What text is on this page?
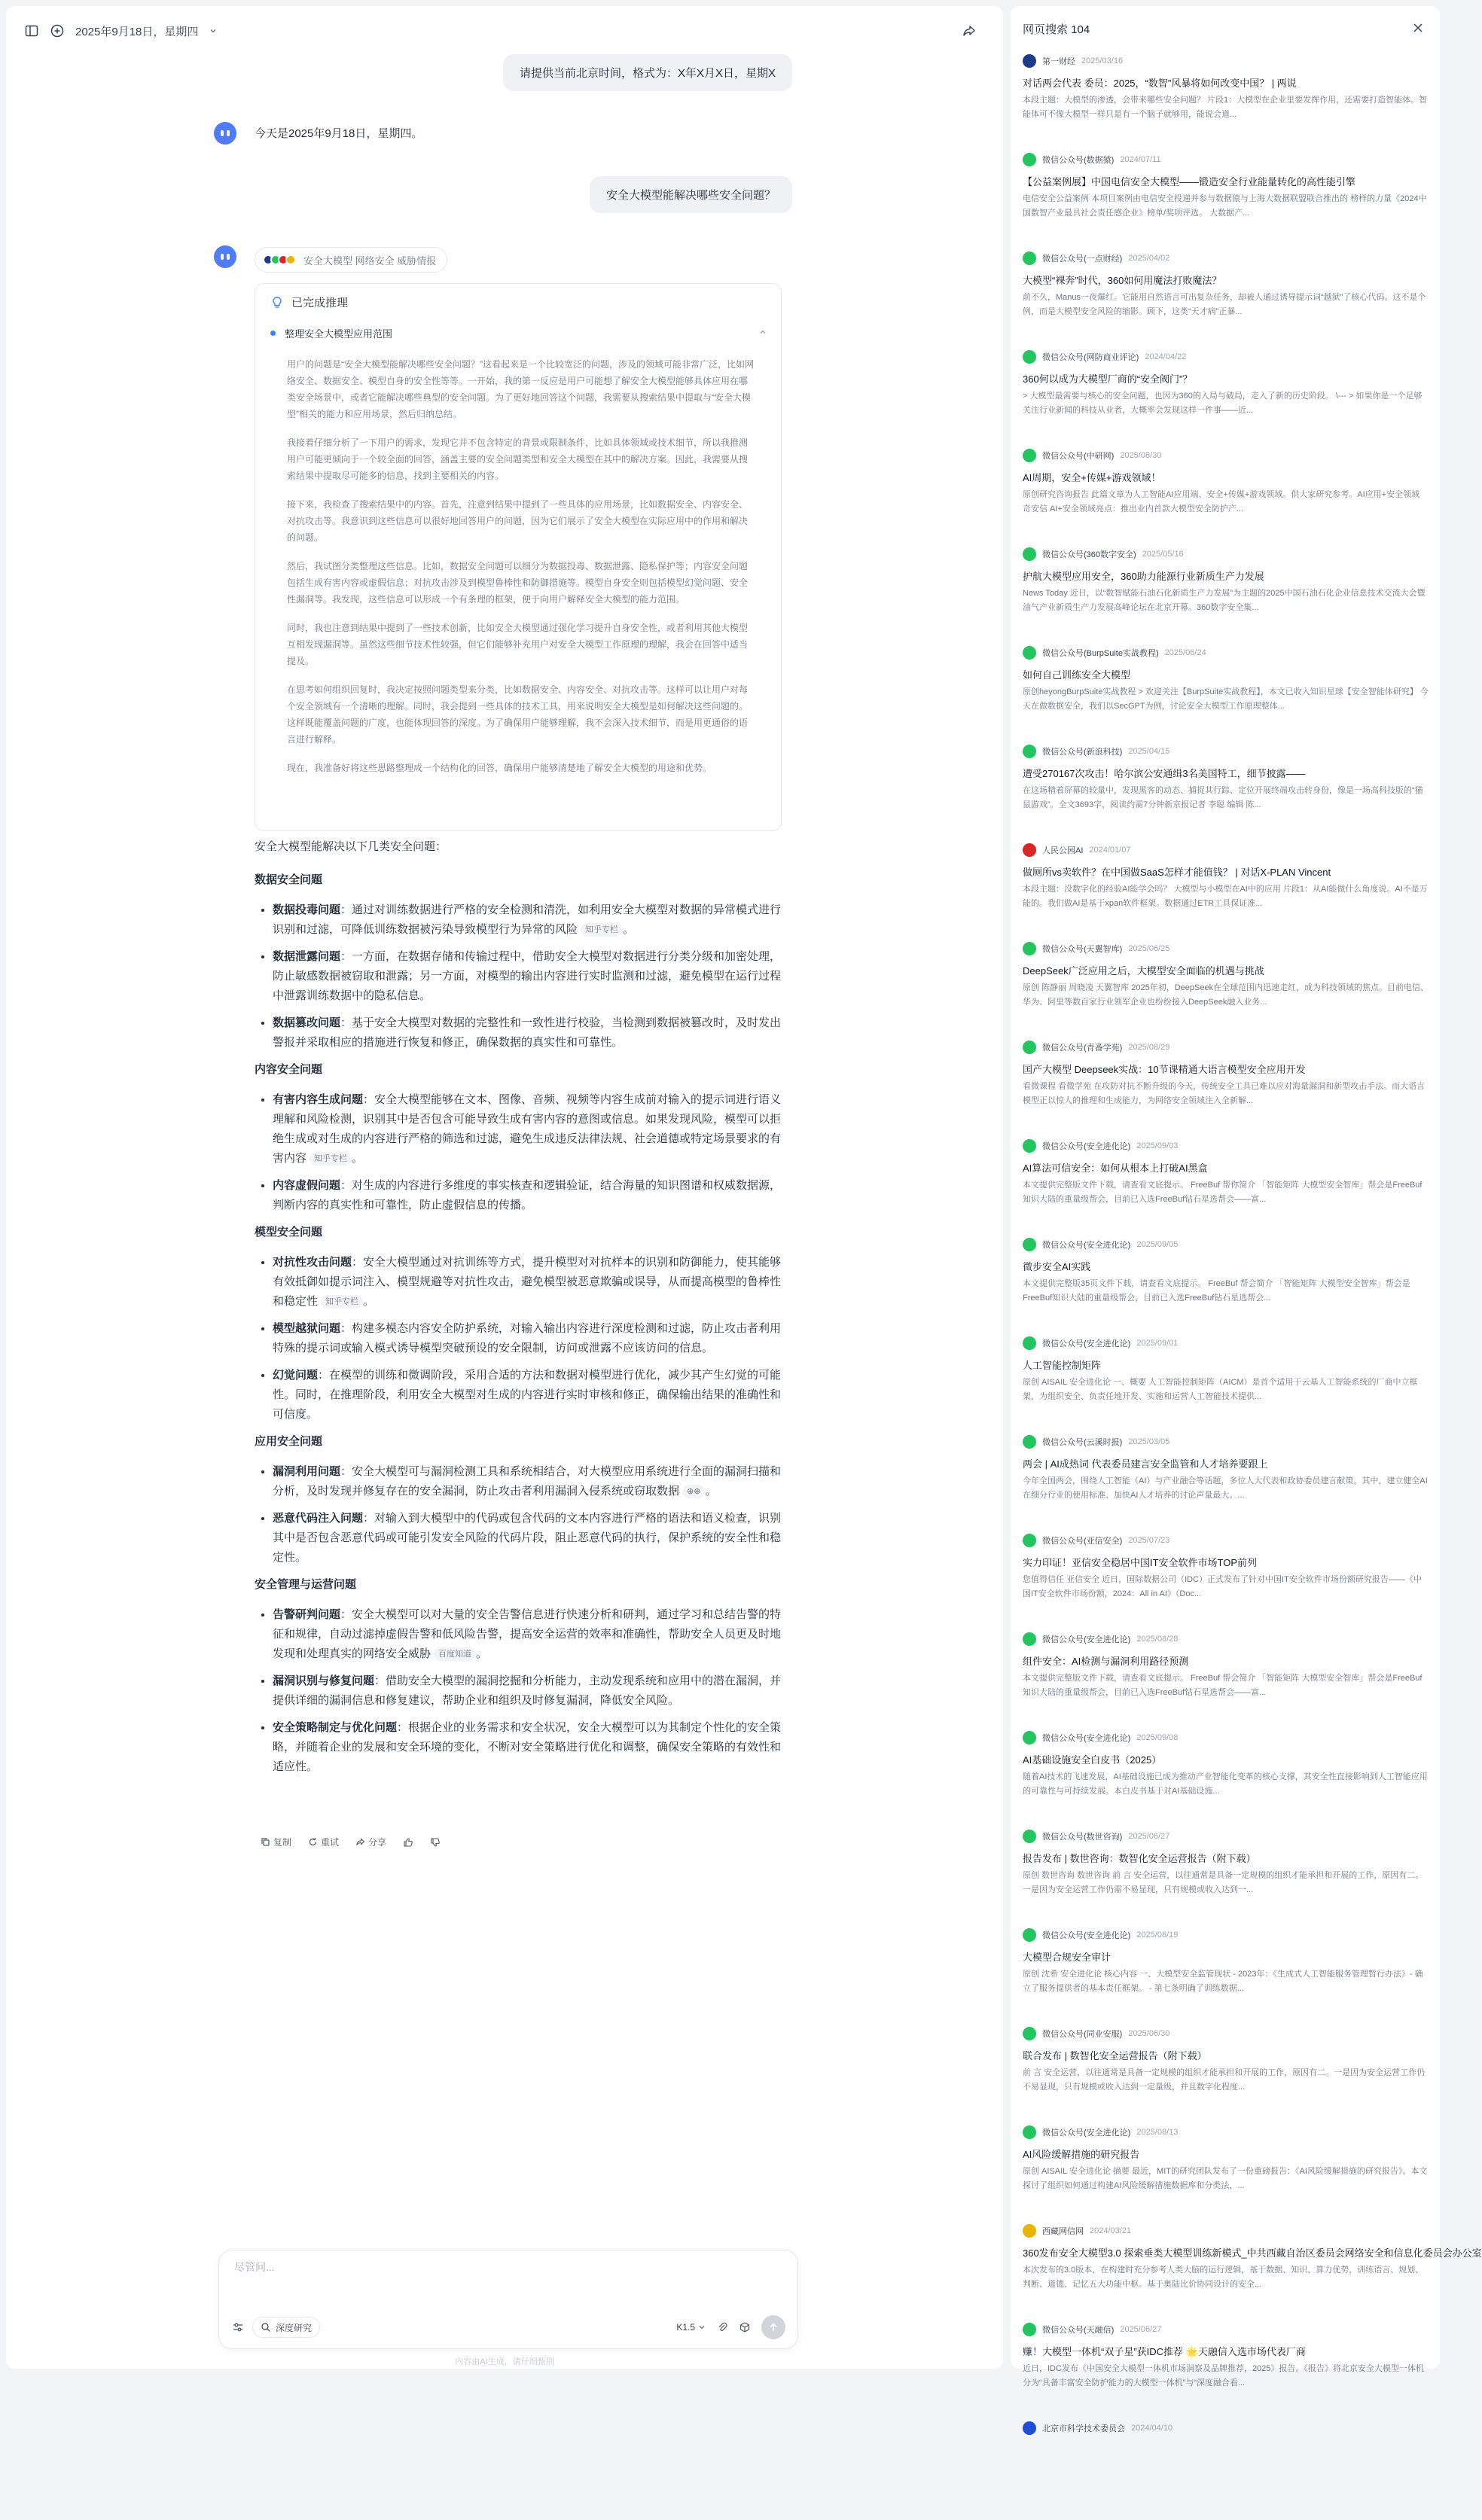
2025年9月18日，星期四
请提供当前北京时间，格式为：X年X月X日，星期X
今天是2025年9月18日，星期四。
安全大模型能解决哪些安全问题？
安全大模型 网络安全 威胁情报
已完成推理
整理安全大模型应用范围

用户的问题是“安全大模型能解决哪些安全问题？”这看起来是一个比较宽泛的问题，涉及的领域可能非常广泛，比如网络安全、数据安全、模型自身的安全性等等。一开始，我的第一反应是用户可能想了解安全大模型能够具体应用在哪类安全场景中，或者它能解决哪些典型的安全问题。为了更好地回答这个问题，我需要从搜索结果中提取与“安全大模型”相关的能力和应用场景，然后归纳总结。

我接着仔细分析了一下用户的需求，发现它并不包含特定的背景或限制条件，比如具体领域或技术细节，所以我推测用户可能更倾向于一个较全面的回答，涵盖主要的安全问题类型和安全大模型在其中的解决方案。因此，我需要从搜索结果中提取尽可能多的信息，找到主要相关的内容。

接下来，我检查了搜索结果中的内容。首先，注意到结果中提到了一些具体的应用场景，比如数据安全、内容安全、对抗攻击等。我意识到这些信息可以很好地回答用户的问题，因为它们展示了安全大模型在实际应用中的作用和解决的问题。

然后，我试图分类整理这些信息。比如，数据安全问题可以细分为数据投毒、数据泄露、隐私保护等；内容安全问题包括生成有害内容或虚假信息；对抗攻击涉及到模型鲁棒性和防御措施等。模型自身安全则包括模型幻觉问题、安全性漏洞等。我发现，这些信息可以形成一个有条理的框架，便于向用户解释安全大模型的能力范围。

同时，我也注意到结果中提到了一些技术创新，比如安全大模型通过强化学习提升自身安全性，或者利用其他大模型互相发现漏洞等。虽然这些细节技术性较强，但它们能够补充用户对安全大模型工作原理的理解，我会在回答中适当提及。

在思考如何组织回复时，我决定按照问题类型来分类，比如数据安全、内容安全、对抗攻击等。这样可以让用户对每个安全领域有一个清晰的理解。同时，我会提到一些具体的技术工具，用来说明安全大模型是如何解决这些问题的。这样既能覆盖问题的广度，也能体现回答的深度。为了确保用户能够理解，我不会深入技术细节，而是用更通俗的语言进行解释。

现在，我准备好将这些思路整理成一个结构化的回答，确保用户能够清楚地了解安全大模型的用途和优势。

安全大模型能解决以下几类安全问题：
数据安全问题
• 数据投毒问题：通过对训练数据进行严格的安全检测和清洗，如利用安全大模型对数据的异常模式进行识别和过滤，可降低训练数据被污染导致模型行为异常的风险 知乎专栏 。
• 数据泄露问题：一方面，在数据存储和传输过程中，借助安全大模型对数据进行分类分级和加密处理，防止敏感数据被窃取和泄露；另一方面，对模型的输出内容进行实时监测和过滤，避免模型在运行过程中泄露训练数据中的隐私信息。
• 数据篡改问题：基于安全大模型对数据的完整性和一致性进行校验，当检测到数据被篡改时，及时发出警报并采取相应的措施进行恢复和修正，确保数据的真实性和可靠性。
内容安全问题
• 有害内容生成问题：安全大模型能够在文本、图像、音频、视频等内容生成前对输入的提示词进行语义理解和风险检测，识别其中是否包含可能导致生成有害内容的意图或信息。如果发现风险，模型可以拒绝生成或对生成的内容进行严格的筛选和过滤，避免生成违反法律法规、社会道德或特定场景要求的有害内容 知乎专栏 。
• 内容虚假问题：对生成的内容进行多维度的事实核查和逻辑验证，结合海量的知识图谱和权威数据源，判断内容的真实性和可靠性，防止虚假信息的传播。
模型安全问题
• 对抗性攻击问题：安全大模型通过对抗训练等方式，提升模型对对抗样本的识别和防御能力，使其能够有效抵御如提示词注入、模型规避等对抗性攻击，避免模型被恶意欺骗或误导，从而提高模型的鲁棒性和稳定性 知乎专栏 。
• 模型越狱问题：构建多模态内容安全防护系统，对输入输出内容进行深度检测和过滤，防止攻击者利用特殊的提示词或输入模式诱导模型突破预设的安全限制，访问或泄露不应该访问的信息。
• 幻觉问题：在模型的训练和微调阶段，采用合适的方法和数据对模型进行优化，减少其产生幻觉的可能性。同时，在推理阶段，利用安全大模型对生成的内容进行实时审核和修正，确保输出结果的准确性和可信度。
应用安全问题
• 漏洞利用问题：安全大模型可与漏洞检测工具和系统相结合，对大模型应用系统进行全面的漏洞扫描和分析，及时发现并修复存在的安全漏洞，防止攻击者利用漏洞入侵系统或窃取数据 ⊕⊕ 。
• 恶意代码注入问题：对输入到大模型中的代码或包含代码的文本内容进行严格的语法和语义检查，识别其中是否包含恶意代码或可能引发安全风险的代码片段，阻止恶意代码的执行，保护系统的安全性和稳定性。
安全管理与运营问题
• 告警研判问题：安全大模型可以对大量的安全告警信息进行快速分析和研判，通过学习和总结告警的特征和规律，自动过滤掉虚假告警和低风险告警，提高安全运营的效率和准确性，帮助安全人员更及时地发现和处理真实的网络安全威胁 百度知道 。
• 漏洞识别与修复问题：借助安全大模型的漏洞挖掘和分析能力，主动发现系统和应用中的潜在漏洞，并提供详细的漏洞信息和修复建议，帮助企业和组织及时修复漏洞，降低安全风险。
• 安全策略制定与优化问题：根据企业的业务需求和安全状况，安全大模型可以为其制定个性化的安全策略，并随着企业的发展和安全环境的变化，不断对安全策略进行优化和调整，确保安全策略的有效性和适应性。
复制	重试	分享
尽管问...
深度研究	K1.5
内容由AI生成，请仔细甄别
网页搜索 104
第一财经 2025/03/16
对话两会代表 委员：2025，“数智”风暴将如何改变中国？ | 两说
本段主题：大模型的渗透，会带来哪些安全问题？ 片段1：大模型在企业里要发挥作用，还需要打造智能体。智能体可不像大模型一样只是有一个脑子就够用，能说会道...
微信公众号(数据猿) 2024/07/11
【公益案例展】中国电信安全大模型——锻造安全行业能量转化的高性能引擎
电信安全公益案例 本项目案例由电信安全投递并参与数据猿与上海大数据联盟联合推出的 榜样的力量《2024中国数智产业最具社会责任感企业》榜单/奖项评选。 大数据产...
微信公众号(一点财经) 2025/04/02
大模型“裸奔”时代，360如何用魔法打败魔法？
前不久，Manus一夜爆红。它能用自然语言可出复杂任务，却被人通过诱导提示词“越狱”了核心代码。这不是个例，而是大模型安全风险的缩影。顾下，这类“天才病”正暴...
微信公众号(网防商业评论) 2024/04/22
360何以成为大模型厂商的“安全阀门”？
> 大模型最需要与核心的安全问题，也因为360的入局与破局，走入了新的历史阶段。 \--- > 如果你是一个足够关注行业新闻的科技从业者，大概率会发现这样一件事——近...
微信公众号(中研网) 2025/08/30
AI周期，安全+传媒+游戏领域！
原创研究咨询报告 此篇文章为人工智能AI应用端、安全+传媒+游戏领域。供大家研究参考。AI应用+安全领域 奇安信 AI+安全领域亮点：推出业内首款大模型安全防护产...
微信公众号(360数字安全) 2025/05/16
护航大模型应用安全，360助力能源行业新质生产力发展
News Today 近日，以“数智赋能石油石化新质生产力发展”为主题的2025中国石油石化企业信息技术交流大会暨油气产业新质生产力发展高峰论坛在北京开幕。360数字安全集...
微信公众号(BurpSuite实战教程) 2025/06/24
如何自己训练安全大模型
原创heyongBurpSuite实战教程 > 欢迎关注【BurpSuite实战教程】，本文已收入知识星球【安全智能体研究】 今天在做数据安全，我们以SecGPT为例，讨论安全大模型工作原理整体...
微信公众号(新浪科技) 2025/04/15
遭受270167次攻击！哈尔滨公安通缉3名美国特工，细节披露——
在这场精着屏幕的较量中，发现黑客的动态、捕捉其行踪、定位开展终端攻击转身份，像是一场高科技版的“猫鼠游戏”。全文3693字，阅读约需7分钟新京报记者 李聪 编辑 陈...
人民公园AI 2024/01/07
做厕所vs卖软件？在中国做SaaS怎样才能值钱？ | 对话X-PLAN Vincent
本段主题：没数字化的经验AI能学会吗？ 大模型与小模型在AI中的应用 片段1：从AI能做什么角度说。AI不是万能的。我们做AI是基于xpan软件框架。数据通过ETR工具保证准...
微信公众号(天翼智库) 2025/06/25
DeepSeek广泛应用之后，大模型安全面临的机遇与挑战
原创 陈静丽 周晓凌 天翼智库 2025年初，DeepSeek在全球范围内迅速走红，成为科技领域的焦点。目前电信、华为、阿里等数百家行业领军企业也纷纷接入DeepSeek融入业务...
微信公众号(青番学苑) 2025/08/29
国产大模型 Deepseek实战：10节课精通大语言模型安全应用开发
看微课程 看微学苑 在攻防对抗不断升级的今天，传统安全工具已难以应对海量漏洞和新型攻击手法。而大语言模型正以惊人的推理和生成能力，为网络安全领域注入全新解...
微信公众号(安全进化论) 2025/09/03
AI算法可信安全：如何从根本上打破AI黑盒
本文提供完整版文件下载，请查看文底提示。 FreeBuf 帮你简介 「智能矩阵 大模型安全智库」帮会是FreeBuf知识大陆的重量级帮会，目前已入选FreeBuf钻石星选帮会——富...
微信公众号(安全进化论) 2025/09/05
微步安全AI实践
本文提供完整版35页文件下载，请查看文底提示。 FreeBuf 帮会简介 「智能矩阵 大模型安全智库」帮会是FreeBuf知识大陆的重量级帮会，目前已入选FreeBuf钻石星选帮会...
微信公众号(安全进化论) 2025/09/01
人工智能控制矩阵
原创 AISAIL 安全进化论 一、概要 人工智能控制矩阵（AICM）是首个适用于云基人工智能系统的厂商中立框架，为组织安全、负责任地开发、实施和运营人工智能技术提供...
微信公众号(云溪时报) 2025/03/05
两会 | AI成热词 代表委员建言安全监管和人才培养要跟上
今年全国两会，围绕人工智能（AI）与产业融合等话题，多位人大代表和政协委员建言献策。其中，建立健全AI在细分行业的使用标准、加快AI人才培养的讨论声量最大。...
微信公众号(亚信安全) 2025/07/23
实力印证！亚信安全稳居中国IT安全软件市场TOP前列
您值得信任 亚信安全 近日，国际数据公司（IDC）正式发布了针对中国IT安全软件市场份额研究报告——《中国IT安全软件市场份额，2024：All in AI》（Doc...
微信公众号(安全进化论) 2025/08/28
组件安全：AI检测与漏洞利用路径预测
本文提供完整版文件下载，请查看文底提示。 FreeBuf 帮会简介 「智能矩阵 大模型安全智库」帮会是FreeBuf知识大陆的重量级帮会，目前已入选FreeBuf钻石星选帮会——富...
微信公众号(安全进化论) 2025/09/08
AI基础设施安全白皮书（2025）
随着AI技术的飞速发展，AI基础设施已成为推动产业智能化变革的核心支撑，其安全性直接影响到人工智能应用的可靠性与可持续发展。本白皮书基于对AI基础设施...
微信公众号(数世咨询) 2025/06/27
报告发布 | 数世咨询：数智化安全运营报告（附下载）
原创 数世咨询 数世咨询 前 言 安全运营，以往通常是具备一定规模的组织才能承担和开展的工作，原因有二。一是因为安全运营工作仍需不易显现，只有规模或收入达到一...
微信公众号(安全进化论) 2025/08/19
大模型合规安全审计
原创 沈希 安全进化论 核心内容 一、大模型安全监管现状 - 2023年：《生成式人工智能服务管理暂行办法》- 确立了服务提供者的基本责任框架。 - 第七条明确了训练数据...
微信公众号(同业安服) 2025/06/30
联合发布 | 数智化安全运营报告（附下载）
前 言 安全运营，以往通常是具备一定规模的组织才能承担和开展的工作，原因有二。一是因为安全运营工作仍不易显现，只有规模或收入达到一定量级，并且数字化程度...
微信公众号(安全进化论) 2025/08/13
AI风险缓解措施的研究报告
原创 AISAIL 安全进化论 摘要 最近，MIT的研究团队发布了一份重磅报告：《AI风险缓解措施的研究报告》。本文探讨了组织如何通过构建AI风险缓解措施数据库和分类法，...
西藏网信网 2024/03/21
360发布安全大模型3.0 探索垂类大模型训练新模式_中共西藏自治区委员会网络安全和信息化委员会办公室
本次发布的3.0版本，在构建时充分参考人类大脑的运行逻辑，基于数据、知识、算力优势，训练语言、规划、判断、道德、记忆五大功能中枢。基于奥陆比价协同设计的安全...
微信公众号(天融信) 2025/06/27
赚！大模型一体机“双子星”获IDC推荐 🌟天融信入选市场代表厂商
近日，IDC发布《中国安全大模型一体机市场洞察及品牌推荐，2025》报告。《报告》将北京安全大模型一体机分为“具备丰富安全防护能力的大模型一体机”与“深度融合看...
北京市科学技术委员会 2024/04/10
